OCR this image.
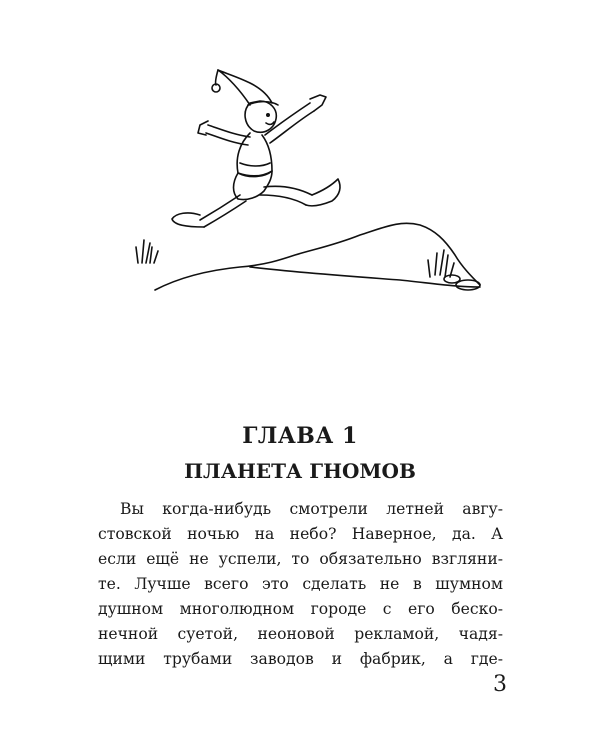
ГЛАВА 1
ПЛАНЕТА ГНОМОВ
Вы когда-нибудь смотрели летней авгу-
стовской ночью на небо? Наверное, да. А
если ещё не успели, то обязательно взгляни-
те. Лучше всего это сделать не в шумном
душном многолюдном городе с его беско-
нечной суетой, неоновой рекламой, чадя-
щими трубами заводов и фабрик, а где-
3
